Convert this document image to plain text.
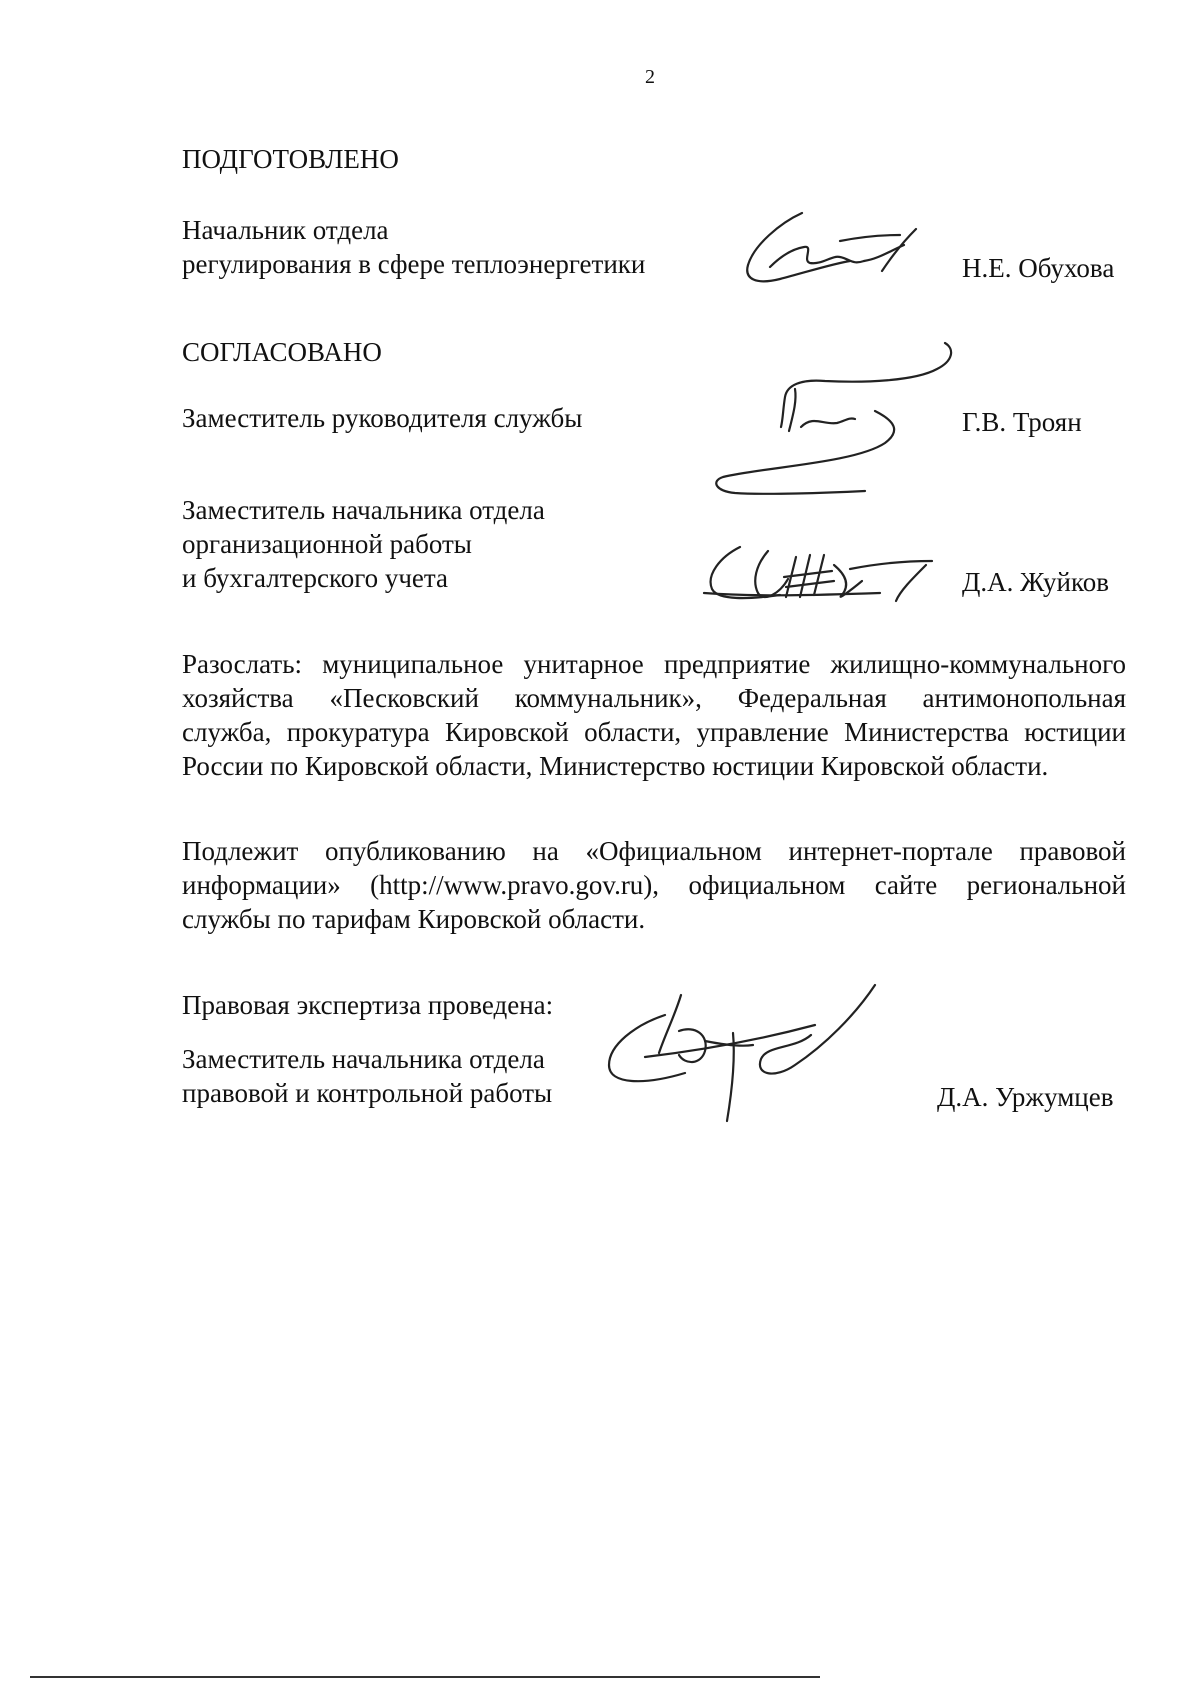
2
ПОДГОТОВЛЕНО
Начальник отдела
регулирования в сфере теплоэнергетики	Н.Е. Обухова
СОГЛАСОВАНО
Заместитель руководителя службы	Г.В. Троян
Заместитель начальника отдела
организационной работы
и бухгалтерского учета	Д.А. Жуйков
Разослать: муниципальное унитарное предприятие жилищно-коммунального
хозяйства «Песковский коммунальник», Федеральная антимонопольная
служба, прокуратура Кировской области, управление Министерства юстиции
России по Кировской области, Министерство юстиции Кировской области.
Подлежит опубликованию на «Официальном интернет-портале правовой
информации» (http://www.pravo.gov.ru), официальном сайте региональной
службы по тарифам Кировской области.
Правовая экспертиза проведена:
Заместитель начальника отдела
правовой и контрольной работы	Д.А. Уржумцев
